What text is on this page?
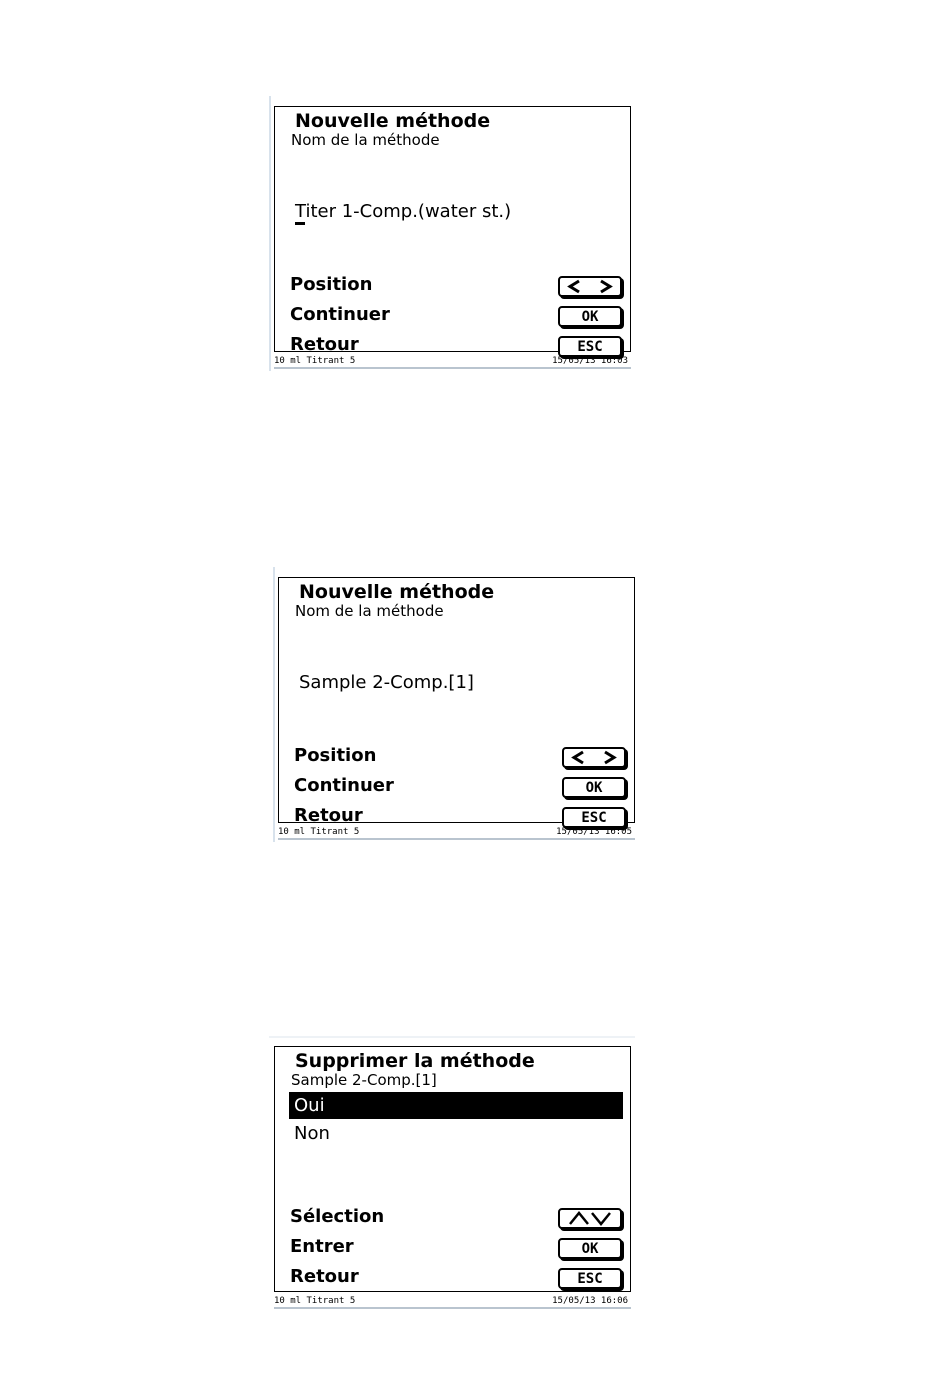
Nouvelle méthode
Nom de la méthode
Titer 1-Comp.(water st.)
Position
Continuer	OK
Retour	ESC
10 ml Titrant 5	15/05/13 16:03
Nouvelle méthode
Nom de la méthode
Sample 2-Comp.[1]
Position
Continuer	OK
Retour	ESC
10 ml Titrant 5	15/05/13 16:05
Supprimer la méthode
Sample 2-Comp.[1]
Oui
Non
Sélection
Entrer	OK
Retour	ESC
10 ml Titrant 5	15/05/13 16:06
